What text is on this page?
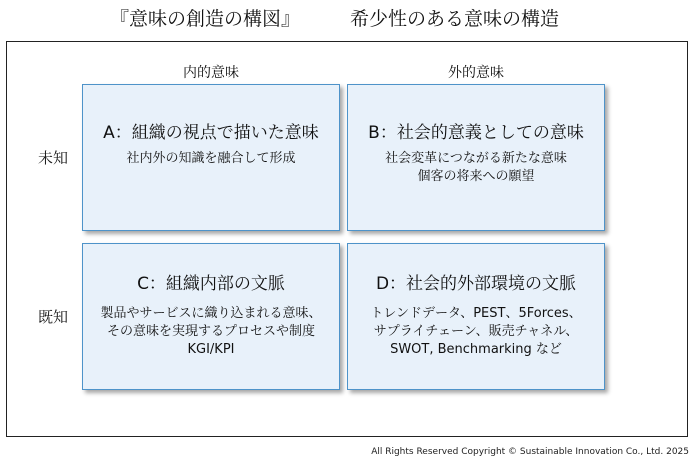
『意味の創造の構図』	希少性のある意味の構造
内的意味	外的意味
未知
既知
A：組織の視点で描いた意味
社内外の知識を融合して形成
B：社会的意義としての意味
社会変革につながる新たな意味
個客の将来への願望
C：組織内部の文脈
製品やサービスに織り込まれる意味、
その意味を実現するプロセスや制度
KGI/KPI
D：社会的外部環境の文脈
トレンドデータ、PEST、5Forces、
サプライチェーン、販売チャネル、
SWOT, Benchmarking など
All Rights Reserved Copyright © Sustainable Innovation Co., Ltd. 2025
